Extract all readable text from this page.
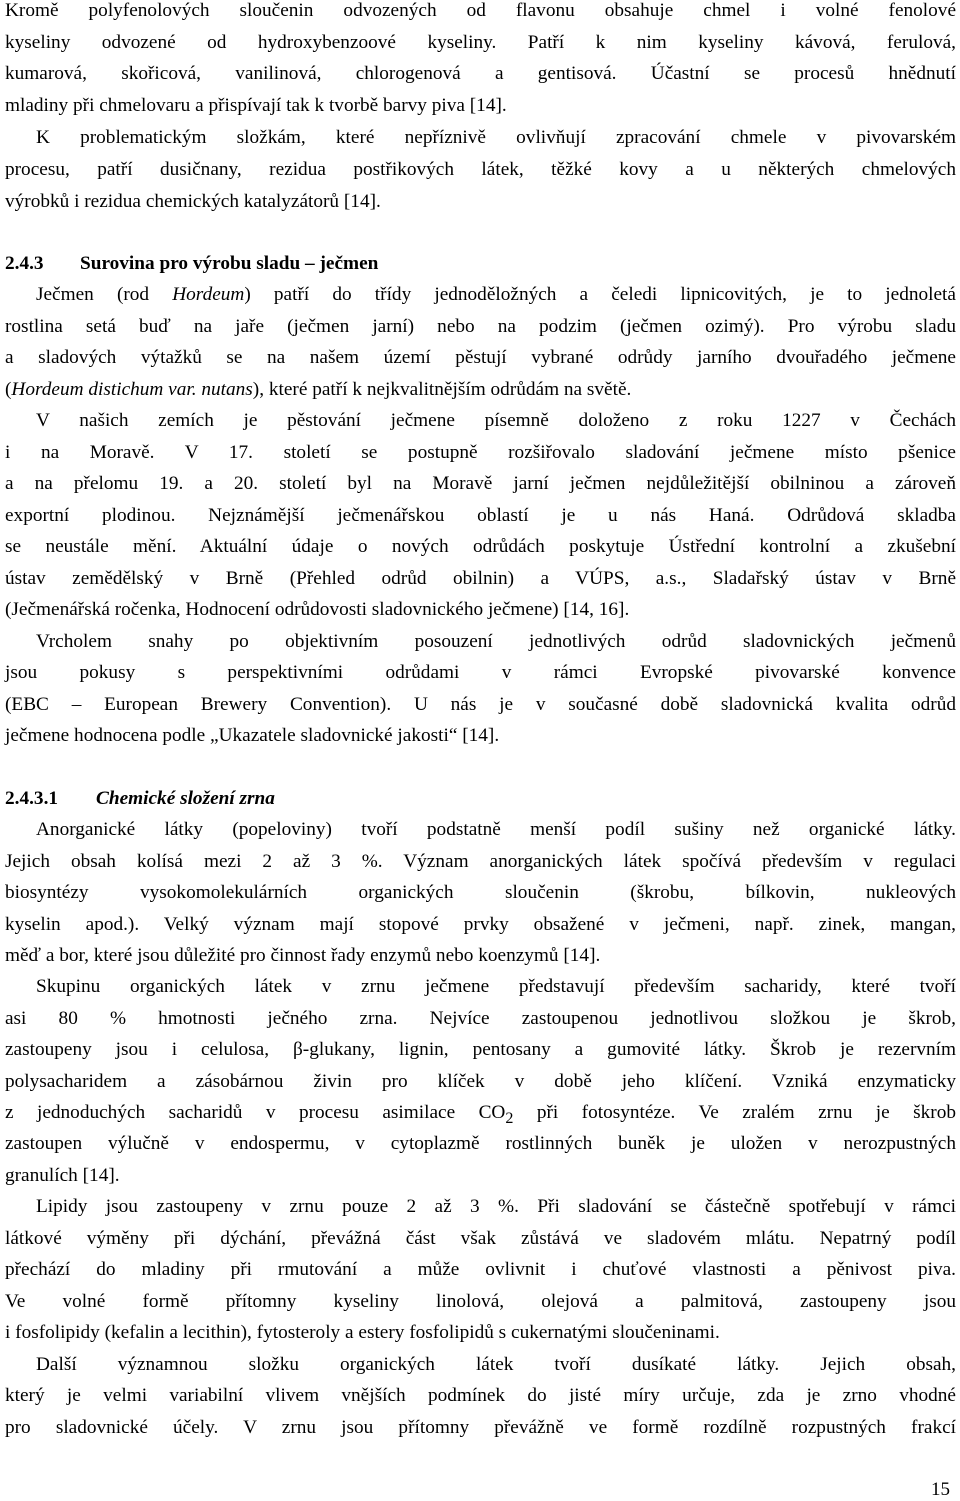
Kromě polyfenolových sloučenin odvozených od flavonu obsahuje chmel i volné fenolové

kyseliny odvozené od hydroxybenzoové kyseliny. Patří k nim kyseliny kávová, ferulová,

kumarová, skořicová, vanilinová, chlorogenová a gentisová. Účastní se procesů hnědnutí

mladiny při chmelovaru a přispívají tak k tvorbě barvy piva [14].

K problematickým složkám, které nepříznivě ovlivňují zpracování chmele v pivovarském

procesu, patří dusičnany, rezidua postřikových látek, těžké kovy a u některých chmelových

výrobků i rezidua chemických katalyzátorů [14].

2.4.3 Surovina pro výrobu sladu – ječmen

Ječmen (rod Hordeum) patří do třídy jednoděložných a čeledi lipnicovitých, je to jednoletá

rostlina setá buď na jaře (ječmen jarní) nebo na podzim (ječmen ozimý). Pro výrobu sladu

a sladových výtažků se na našem území pěstují vybrané odrůdy jarního dvouřadého ječmene

(Hordeum distichum var. nutans), které patří k nejkvalitnějším odrůdám na světě.

V našich zemích je pěstování ječmene písemně doloženo z roku 1227 v Čechách

i na Moravě. V 17. století se postupně rozšiřovalo sladování ječmene místo pšenice

a na přelomu 19. a 20. století byl na Moravě jarní ječmen nejdůležitější obilninou a zároveň

exportní plodinou. Nejznámější ječmenářskou oblastí je u nás Haná. Odrůdová skladba

se neustále mění. Aktuální údaje o nových odrůdách poskytuje Ústřední kontrolní a zkušební

ústav zemědělský v Brně (Přehled odrůd obilnin) a VÚPS, a.s., Sladařský ústav v Brně

(Ječmenářská ročenka, Hodnocení odrůdovosti sladovnického ječmene) [14, 16].

Vrcholem snahy po objektivním posouzení jednotlivých odrůd sladovnických ječmenů

jsou pokusy s perspektivními odrůdami v rámci Evropské pivovarské konvence

(EBC – European Brewery Convention). U nás je v současné době sladovnická kvalita odrůd

ječmene hodnocena podle „Ukazatele sladovnické jakosti“ [14].

2.4.3.1 Chemické složení zrna

Anorganické látky (popeloviny) tvoří podstatně menší podíl sušiny než organické látky.

Jejich obsah kolísá mezi 2 až 3 %. Význam anorganických látek spočívá především v regulaci

biosyntézy vysokomolekulárních organických sloučenin (škrobu, bílkovin, nukleových

kyselin apod.). Velký význam mají stopové prvky obsažené v ječmeni, např. zinek, mangan,

měď a bor, které jsou důležité pro činnost řady enzymů nebo koenzymů [14].

Skupinu organických látek v zrnu ječmene představují především sacharidy, které tvoří

asi 80 % hmotnosti ječného zrna. Nejvíce zastoupenou jednotlivou složkou je škrob,

zastoupeny jsou i celulosa, β-glukany, lignin, pentosany a gumovité látky. Škrob je rezervním

polysacharidem a zásobárnou živin pro klíček v době jeho klíčení. Vzniká enzymaticky

z jednoduchých sacharidů v procesu asimilace $CO_2$ při fotosyntéze. Ve zralém zrnu je škrob

zastoupen výlučně v endospermu, v cytoplazmě rostlinných buněk je uložen v nerozpustných

granulích [14].

Lipidy jsou zastoupeny v zrnu pouze 2 až 3 %. Při sladování se částečně spotřebují v rámci

látkové výměny při dýchání, převážná část však zůstává ve sladovém mlátu. Nepatrný podíl

přechází do mladiny při rmutování a může ovlivnit i chuťové vlastnosti a pěnivost piva.

Ve volné formě přítomny kyseliny linolová, olejová a palmitová, zastoupeny jsou

i fosfolipidy (kefalin a lecithin), fytosteroly a estery fosfolipidů s cukernatými sloučeninami.

Další významnou složku organických látek tvoří dusíkaté látky. Jejich obsah,

který je velmi variabilní vlivem vnějších podmínek do jisté míry určuje, zda je zrno vhodné

pro sladovnické účely. V zrnu jsou přítomny převážně ve formě rozdílně rozpustných frakcí

15
